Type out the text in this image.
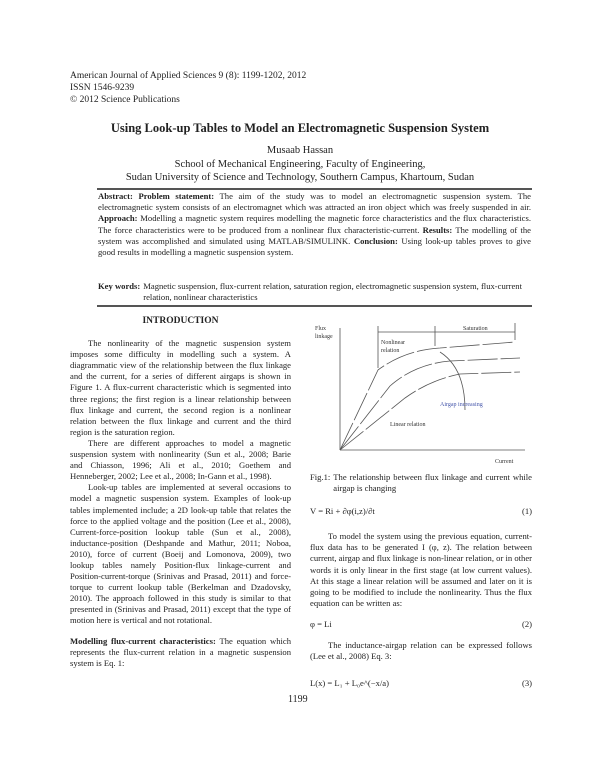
American Journal of Applied Sciences 9 (8): 1199-1202, 2012
ISSN 1546-9239
© 2012 Science Publications
Using Look-up Tables to Model an Electromagnetic Suspension System
Musaab Hassan
School of Mechanical Engineering, Faculty of Engineering,
Sudan University of Science and Technology, Southern Campus, Khartoum, Sudan
Abstract: Problem statement: The aim of the study was to model an electromagnetic suspension system. The electromagnetic system consists of an electromagnet which was attracted an iron object which was freely suspended in air. Approach: Modelling a magnetic system requires modelling the magnetic force characteristics and the flux characteristics. The force characteristics were to be produced from a nonlinear flux characteristic-current. Results: The modelling of the system was accomplished and simulated using MATLAB/SIMULINK. Conclusion: Using look-up tables proves to give good results in modelling a magnetic suspension system.
Key words: Magnetic suspension, flux-current relation, saturation region, electromagnetic suspension system, flux-current relation, nonlinear characteristics
INTRODUCTION

The nonlinearity of the magnetic suspension system imposes some difficulty in modelling such a system. A diagrammatic view of the relationship between the flux linkage and the current, for a series of different airgaps is shown in Figure 1. A flux-current characteristic which is segmented into three regions; the first region is a linear relationship between flux linkage and current, the second region is a nonlinear relation between the flux linkage and current and the third region is the saturation region.

There are different approaches to model a magnetic suspension system with nonlinearity (Sun et al., 2008; Barie and Chiasson, 1996; Ali et al., 2010; Goethem and Henneberger, 2002; Lee et al., 2008; In-Gann et al., 1998).

Look-up tables are implemented at several occasions to model a magnetic suspension system. Examples of look-up tables implemented include; a 2D look-up table that relates the force to the applied voltage and the position (Lee et al., 2008), Current-force-position lookup table (Sun et al., 2008), inductance-position (Deshpande and Mathur, 2011; Noboa, 2010), force of current (Boeij and Lomonova, 2009), two lookup tables namely Position-flux linkage-current and Position-current-torque (Srinivas and Prasad, 2011) and force-torque to current lookup table (Berkelman and Dzadovsky, 2010). The approach followed in this study is similar to that presented in (Srinivas and Prasad, 2011) except that the type of motion here is vertical and not rotational.

Modelling flux-current characteristics: The equation which represents the flux-current relation in a magnetic suspension system is Eq. 1:

Flux
linkage
Saturation
Nonlinear
relation
Airgap increasing
Linear relation
Current
Fig.1: The relationship between flux linkage and current while airgap is changing
V = Ri + ∂φ(i,z)/∂t	(1)

To model the system using the previous equation, current-flux data has to be generated I (φ, z). The relation between current, airgap and flux linkage is non-linear relation, or in other words it is only linear in the first stage (at low current values). At this stage a linear relation will be assumed and later on it is going to be modified to include the nonlinearity. Thus the flux equation can be written as:

φ = Li	(2)

The inductance-airgap relation can be expressed follows (Lee et al., 2008) Eq. 3:

L(x) = L₁ + L₀e^(−x/a)	(3)
1199
